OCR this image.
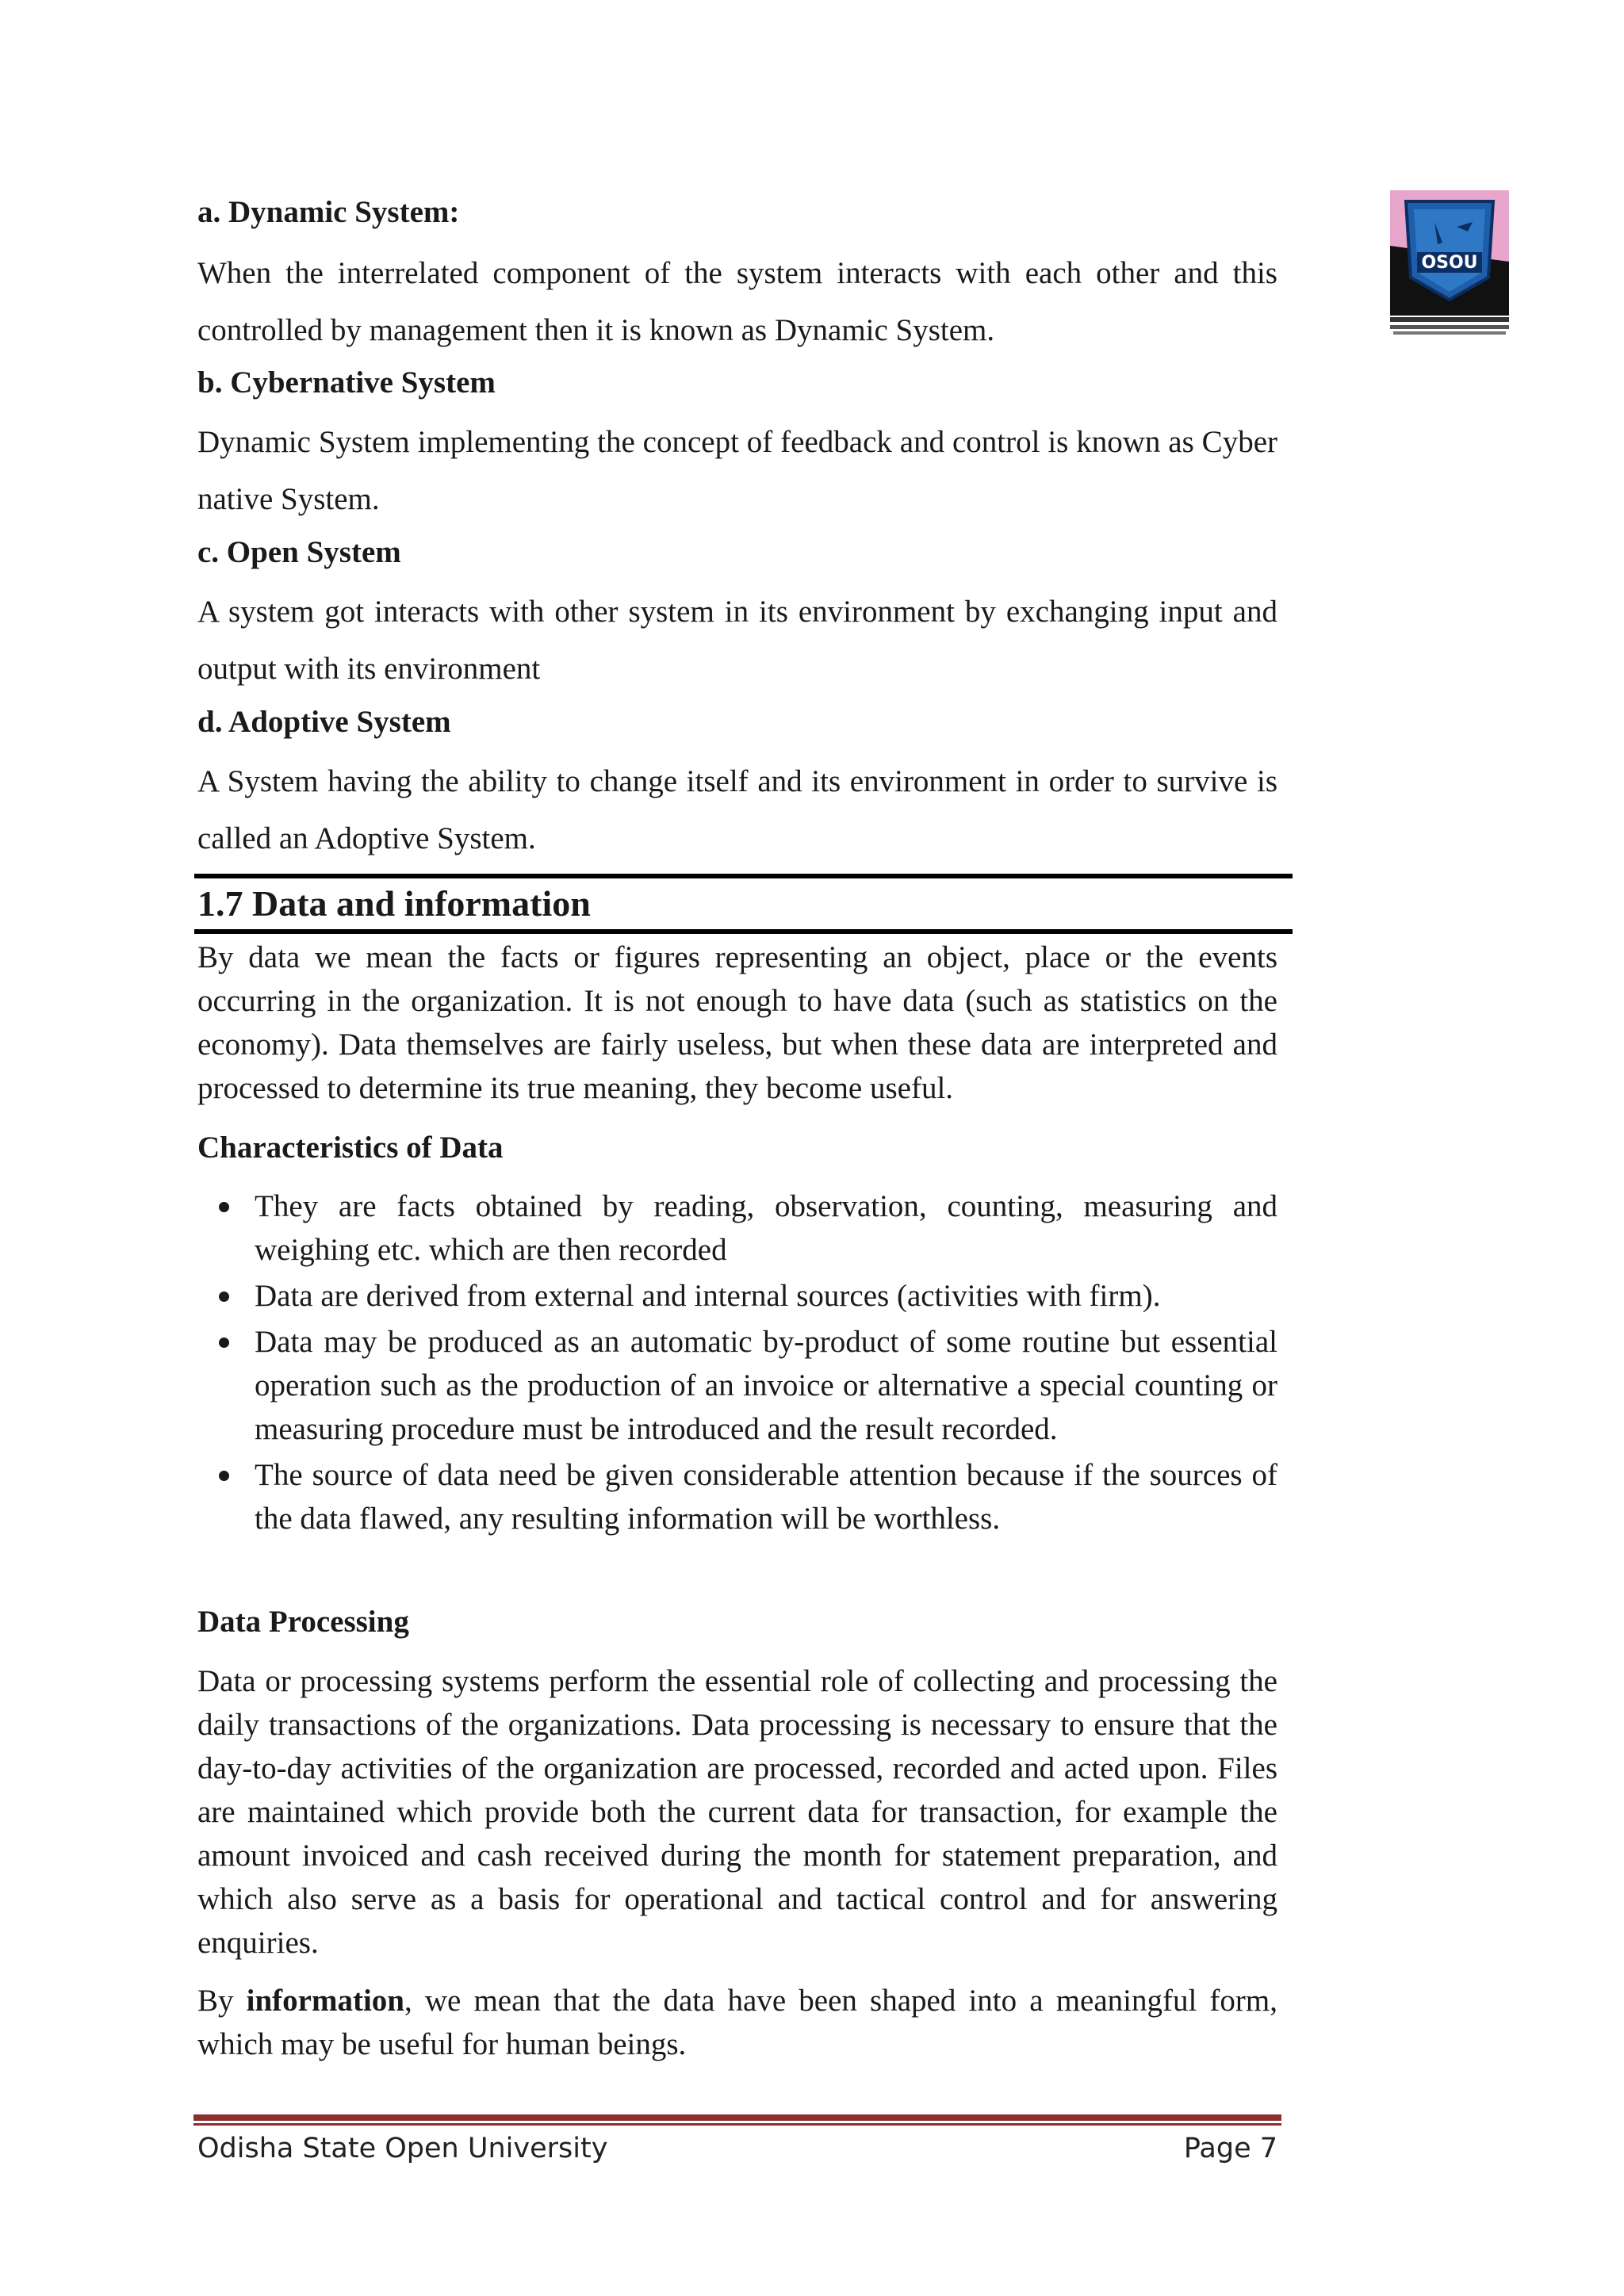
OSOU
a. Dynamic System:

When the interrelated component of the system interacts with each other and this controlled by management then it is known as Dynamic System.

b. Cybernative System

Dynamic System implementing the concept of feedback and control is known as Cyber native System.

c. Open System

A system got interacts with other system in its environment by exchanging input and output with its environment

d. Adoptive System

A System having the ability to change itself and its environment in order to survive is called an Adoptive System.

1.7 Data and information

By data we mean the facts or figures representing an object, place or the events occurring in the organization. It is not enough to have data (such as statistics on the economy). Data themselves are fairly useless, but when these data are interpreted and processed to determine its true meaning, they become useful.

Characteristics of Data
They are facts obtained by reading, observation, counting, measuring and weighing etc. which are then recorded
Data are derived from external and internal sources (activities with firm).
Data may be produced as an automatic by-product of some routine but essential operation such as the production of an invoice or alternative a special counting or measuring procedure must be introduced and the result recorded.
The source of data need be given considerable attention because if the sources of the data flawed, any resulting information will be worthless.
Data Processing

Data or processing systems perform the essential role of collecting and processing the daily transactions of the organizations. Data processing is necessary to ensure that the day-to-day activities of the organization are processed, recorded and acted upon. Files are maintained which provide both the current data for transaction, for example the amount invoiced and cash received during the month for statement preparation, and which also serve as a basis for operational and tactical control and for answering enquiries.

By information, we mean that the data have been shaped into a meaningful form, which may be useful for human beings.

Odisha State Open University	Page 7
